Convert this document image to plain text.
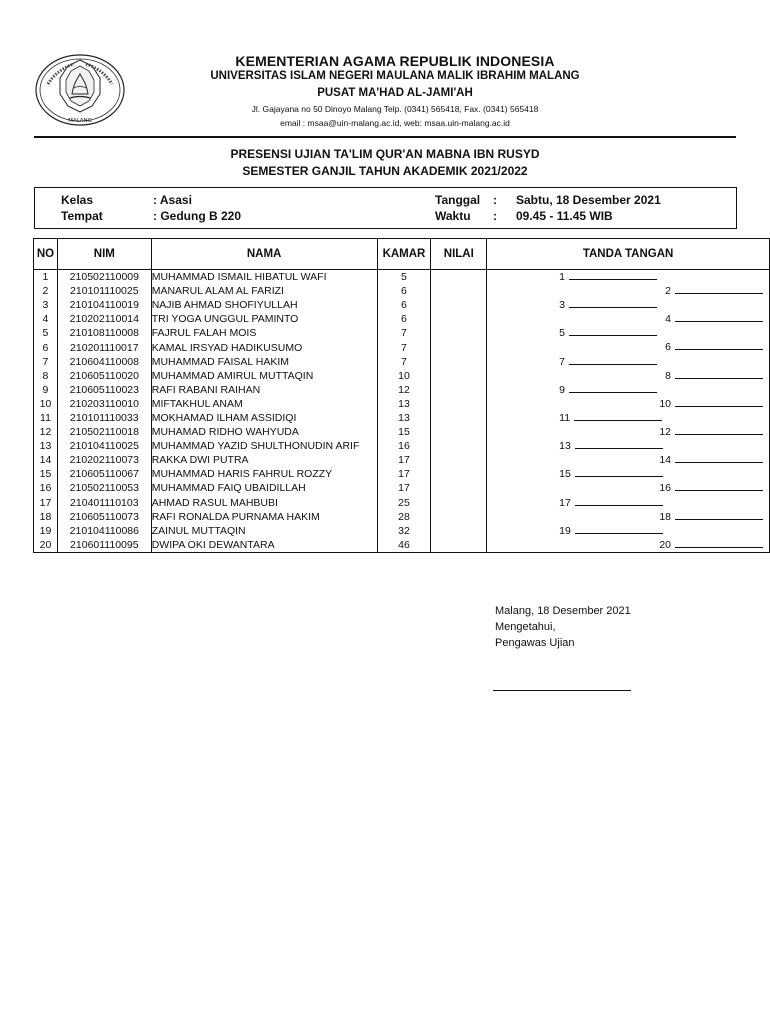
MALANG
KEMENTERIAN AGAMA REPUBLIK INDONESIA
UNIVERSITAS ISLAM NEGERI MAULANA MALIK IBRAHIM MALANG
PUSAT MA'HAD AL-JAMI'AH
Jl. Gajayana no 50 Dinoyo Malang Telp. (0341) 565418, Fax. (0341) 565418
email : msaa@uin-malang.ac.id, web: msaa.uin-malang.ac.id
PRESENSI UJIAN TA'LIM QUR'AN MABNA IBN RUSYD
SEMESTER GANJIL TAHUN AKADEMIK 2021/2022
Kelas	: Asasi
Tempat	: Gedung B 220
Tanggal : Sabtu, 18 Desember 2021
Waktu : 09.45 - 11.45 WIB
NO	NIM	NAMA	KAMAR	NILAI	TANDA TANGAN
1	210502110009	MUHAMMAD ISMAIL HIBATUL WAFI	5		1

2	210101110025	MANARUL ALAM AL FARIZI	6		2

3	210104110019	NAJIB AHMAD SHOFIYULLAH	6		3

4	210202110014	TRI YOGA UNGGUL PAMINTO	6		4

5	210108110008	FAJRUL FALAH MOIS	7		5

6	210201110017	KAMAL IRSYAD HADIKUSUMO	7		6

7	210604110008	MUHAMMAD FAISAL HAKIM	7		7

8	210605110020	MUHAMMAD AMIRUL MUTTAQIN	10		8

9	210605110023	RAFI RABANI RAIHAN	12		9

10	210203110010	MIFTAKHUL ANAM	13		10

11	210101110033	MOKHAMAD ILHAM ASSIDIQI	13		11

12	210502110018	MUHAMAD RIDHO WAHYUDA	15		12

13	210104110025	MUHAMMAD YAZID SHULTHONUDIN ARIF	16		13

14	210202110073	RAKKA DWI PUTRA	17		14

15	210605110067	MUHAMMAD HARIS FAHRUL ROZZY	17		15

16	210502110053	MUHAMMAD FAIQ UBAIDILLAH	17		16

17	210401110103	AHMAD RASUL MAHBUBI	25		17

18	210605110073	RAFI RONALDA PURNAMA HAKIM	28		18

19	210104110086	ZAINUL MUTTAQIN	32		19

20	210601110095	DWIPA OKI DEWANTARA	46		20
Malang, 18 Desember 2021
Mengetahui,
Pengawas Ujian
